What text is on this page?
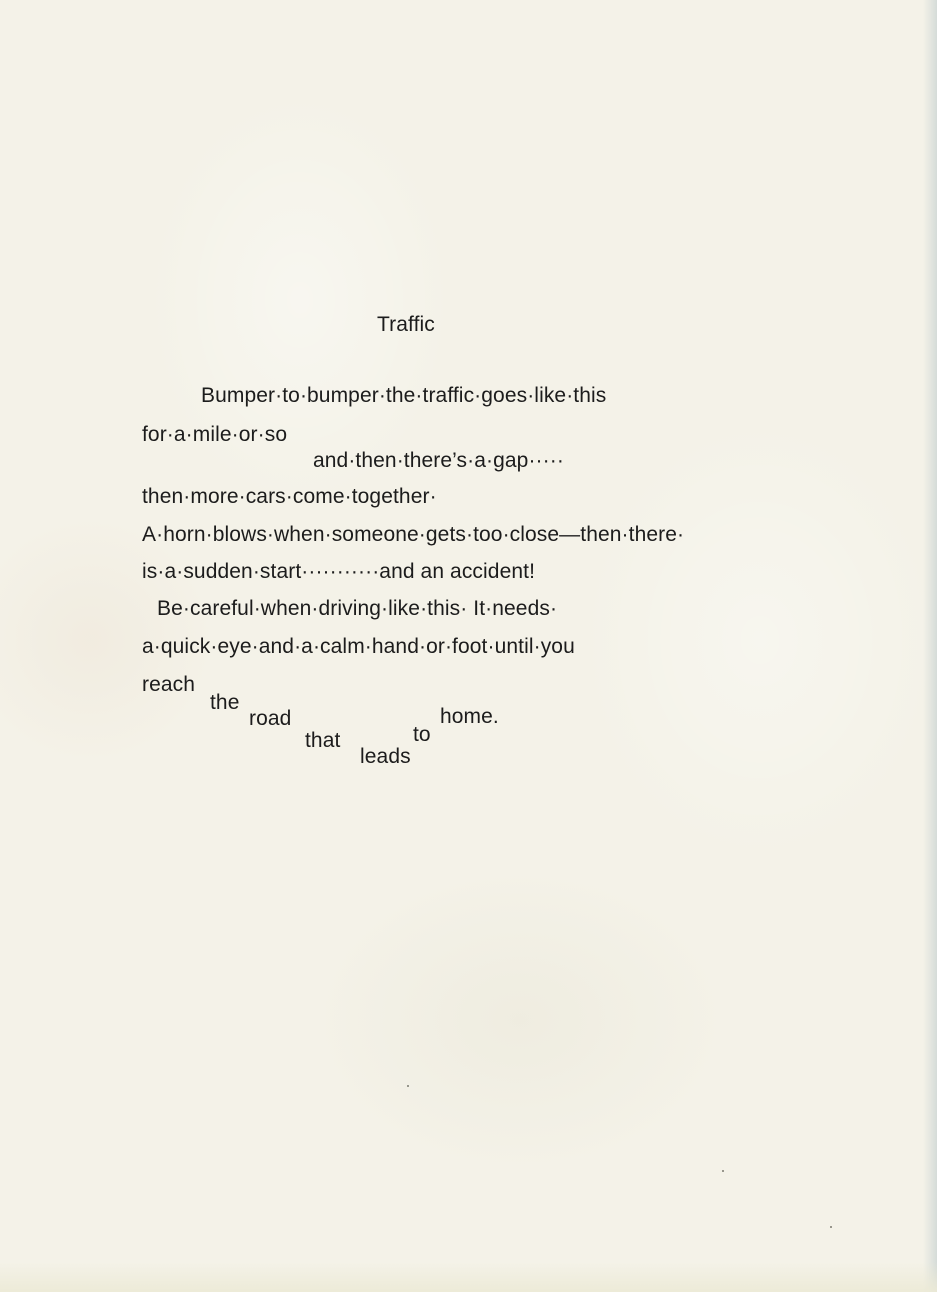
Traffic
Bumper·to·bumper·the·traffic·goes·like·this
for·a·mile·or·so
and·then·there’s·a·gap·····
then·more·cars·come·together·
A·horn·blows·when·someone·gets·too·close—then·there·
is·a·sudden·start···········and an accident!
Be·careful·when·driving·like·this· It·needs·
a·quick·eye·and·a·calm·hand·or·foot·until·you
reach
the
road
that
leads
to
home.
